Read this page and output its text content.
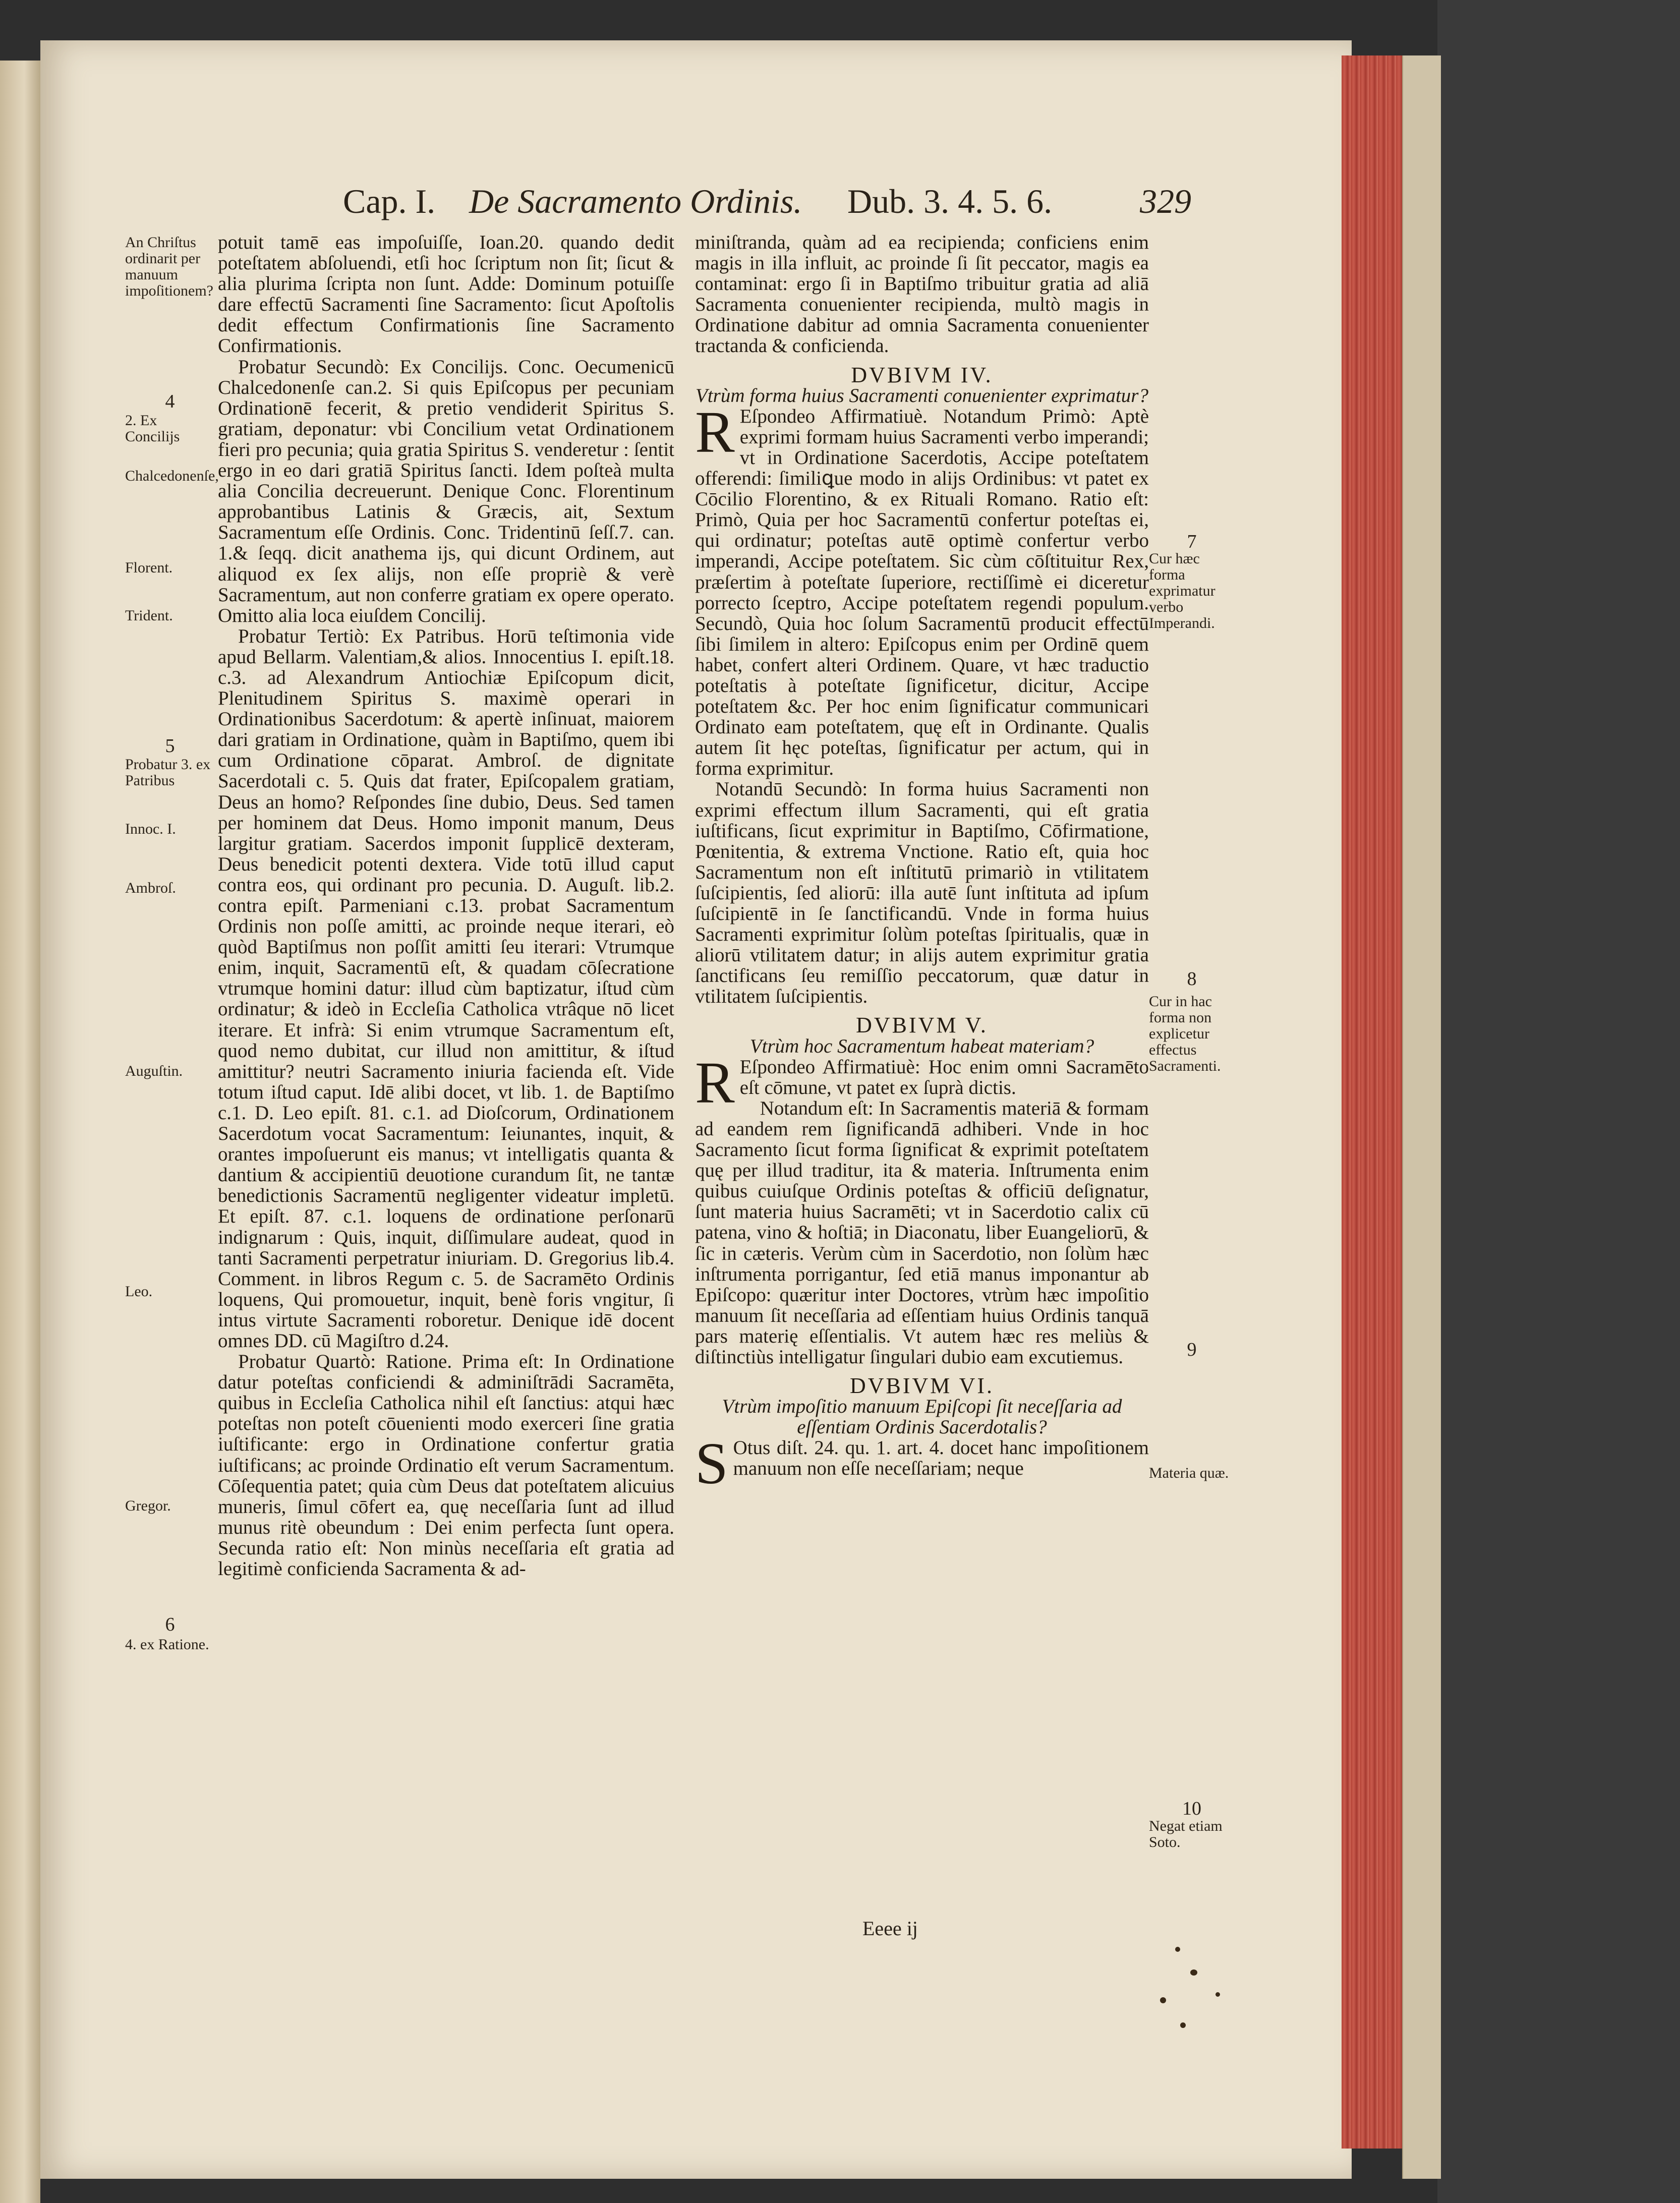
Cap. I. De Sacramento Ordinis. Dub. 3. 4. 5. 6.	329

potuit tamē eas impoſuiſſe, Ioan.20. quando dedit poteſtatem abſoluendi, etſi hoc ſcriptum non ſit; ſicut & alia plurima ſcripta non ſunt. Adde: Dominum potuiſſe dare effectū Sacramenti ſine Sacramento: ſicut Apoſtolis dedit effectum Confirmationis ſine Sacramento Confirmationis.

Probatur Secundò: Ex Concilijs. Conc. Oecumenicū Chalcedonenſe can.2. Si quis Epiſcopus per pecuniam Ordinationē fecerit, & pretio vendiderit Spiritus S. gratiam, deponatur: vbi Concilium vetat Ordinationem fieri pro pecunia; quia gratia Spiritus S. venderetur : ſentit ergo in eo dari gratiā Spiritus ſancti. Idem poſteà multa alia Concilia decreuerunt. Denique Conc. Florentinum approbantibus Latinis & Græcis, ait, Sextum Sacramentum eſſe Ordinis. Conc. Tridentinū ſeſſ.7. can. 1.& ſeqq. dicit anathema ijs, qui dicunt Ordinem, aut aliquod ex ſex alijs, non eſſe propriè & verè Sacramentum, aut non conferre gratiam ex opere operato. Omitto alia loca eiuſdem Concilij.

Probatur Tertiò: Ex Patribus. Horū teſtimonia vide apud Bellarm. Valentiam,& alios. Innocentius I. epiſt.18. c.3. ad Alexandrum Antiochiæ Epiſcopum dicit, Plenitudinem Spiritus S. maximè operari in Ordinationibus Sacerdotum: & apertè inſinuat, maiorem dari gratiam in Ordinatione, quàm in Baptiſmo, quem ibi cum Ordinatione cōparat. Ambroſ. de dignitate Sacerdotali c. 5. Quis dat frater, Epiſcopalem gratiam, Deus an homo? Reſpondes ſine dubio, Deus. Sed tamen per hominem dat Deus. Homo imponit manum, Deus largitur gratiam. Sacerdos imponit ſupplicē dexteram, Deus benedicit potenti dextera. Vide totū illud caput contra eos, qui ordinant pro pecunia. D. Auguſt. lib.2. contra epiſt. Parmeniani c.13. probat Sacramentum Ordinis non poſſe amitti, ac proinde neque iterari, eò quòd Baptiſmus non poſſit amitti ſeu iterari: Vtrumque enim, inquit, Sacramentū eſt, & quadam cōſecratione vtrumque homini datur: illud cùm baptizatur, iſtud cùm ordinatur; & ideò in Eccleſia Catholica vtrâque nō licet iterare. Et infrà: Si enim vtrumque Sacramentum eſt, quod nemo dubitat, cur illud non amittitur, & iſtud amittitur? neutri Sacramento iniuria facienda eſt. Vide totum iſtud caput. Idē alibi docet, vt lib. 1. de Baptiſmo c.1. D. Leo epiſt. 81. c.1. ad Dioſcorum, Ordinationem Sacerdotum vocat Sacramentum: Ieiunantes, inquit, & orantes impoſuerunt eis manus; vt intelligatis quanta & dantium & accipientiū deuotione curandum ſit, ne tantæ benedictionis Sacramentū negligenter videatur impletū. Et epiſt. 87. c.1. loquens de ordinatione perſonarū indignarum : Quis, inquit, diſſimulare audeat, quod in tanti Sacramenti perpetratur iniuriam. D. Gregorius lib.4. Comment. in libros Regum c. 5. de Sacramēto Ordinis loquens, Qui promouetur, inquit, benè foris vngitur, ſi intus virtute Sacramenti roboretur. Denique idē docent omnes DD. cū Magiſtro d.24.

Probatur Quartò: Ratione. Prima eſt: In Ordinatione datur poteſtas conficiendi & adminiſtrādi Sacramēta, quibus in Eccleſia Catholica nihil eſt ſanctius: atqui hæc poteſtas non poteſt cōuenienti modo exerceri ſine gratia iuſtificante: ergo in Ordinatione confertur gratia iuſtificans; ac proinde Ordinatio eſt verum Sacramentum. Cōſequentia patet; quia cùm Deus dat poteſtatem alicuius muneris, ſimul cōfert ea, quę neceſſaria ſunt ad illud munus ritè obeundum : Dei enim perfecta ſunt opera. Secunda ratio eſt: Non minùs neceſſaria eſt gratia ad legitimè conficienda Sacramenta & ad-

miniſtranda, quàm ad ea recipienda; conficiens enim magis in illa influit, ac proinde ſi ſit peccator, magis ea contaminat: ergo ſi in Baptiſmo tribuitur gratia ad aliā Sacramenta conuenienter recipienda, multò magis in Ordinatione dabitur ad omnia Sacramenta conuenienter tractanda & conficienda.

DVBIVM IV.

Vtrùm forma huius Sacramenti conuenienter exprimatur?

R Eſpondeo Affirmatiuè. Notandum Primò: Aptè exprimi formam huius Sacramenti verbo imperandi; vt in Ordinatione Sacerdotis, Accipe poteſtatem offerendi: ſimiliꝗue modo in alijs Ordinibus: vt patet ex Cōcilio Florentino, & ex Rituali Romano. Ratio eſt: Primò, Quia per hoc Sacramentū confertur poteſtas ei, qui ordinatur; poteſtas autē optimè confertur verbo imperandi, Accipe poteſtatem. Sic cùm cōſtituitur Rex, præſertim à poteſtate ſuperiore, rectiſſimè ei diceretur porrecto ſceptro, Accipe poteſtatem regendi populum. Secundò, Quia hoc ſolum Sacramentū producit effectū ſibi ſimilem in altero: Epiſcopus enim per Ordinē quem habet, confert alteri Ordinem. Quare, vt hæc traductio poteſtatis à poteſtate ſignificetur, dicitur, Accipe poteſtatem &c. Per hoc enim ſignificatur communicari Ordinato eam poteſtatem, quę eſt in Ordinante. Qualis autem ſit hęc poteſtas, ſignificatur per actum, qui in forma exprimitur.

Notandū Secundò: In forma huius Sacramenti non exprimi effectum illum Sacramenti, qui eſt gratia iuſtificans, ſicut exprimitur in Baptiſmo, Cōfirmatione, Pœnitentia, & extrema Vnctione. Ratio eſt, quia hoc Sacramentum non eſt inſtitutū primariò in vtilitatem ſuſcipientis, ſed aliorū: illa autē ſunt inſtituta ad ipſum ſuſcipientē in ſe ſanctificandū. Vnde in forma huius Sacramenti exprimitur ſolùm poteſtas ſpiritualis, quæ in aliorū vtilitatem datur; in alijs autem exprimitur gratia ſanctificans ſeu remiſſio peccatorum, quæ datur in vtilitatem ſuſcipientis.

DVBIVM V.

Vtrùm hoc Sacramentum habeat materiam?

R Eſpondeo Affirmatiuè: Hoc enim omni Sacramēto eſt cōmune, vt patet ex ſuprà dictis.

Notandum eſt: In Sacramentis materiā & formam ad eandem rem ſignificandā adhiberi. Vnde in hoc Sacramento ſicut forma ſignificat & exprimit poteſtatem quę per illud traditur, ita & materia. Inſtrumenta enim quibus cuiuſque Ordinis poteſtas & officiū deſignatur, ſunt materia huius Sacramēti; vt in Sacerdotio calix cū patena, vino & hoſtiā; in Diaconatu, liber Euangeliorū, & ſic in cæteris. Verùm cùm in Sacerdotio, non ſolùm hæc inſtrumenta porrigantur, ſed etiā manus imponantur ab Epiſcopo: quæritur inter Doctores, vtrùm hæc impoſitio manuum ſit neceſſaria ad eſſentiam huius Ordinis tanquā pars materię eſſentialis. Vt autem hæc res meliùs & diſtinctiùs intelligatur ſingulari dubio eam excutiemus.

DVBIVM VI.

Vtrùm impoſitio manuum Epiſcopi ſit neceſſaria ad eſſentiam Ordinis Sacerdotalis?

S Otus diſt. 24. qu. 1. art. 4. docet hanc impoſitionem manuum non eſſe neceſſariam; neque

Eeee ij
An Chriſtus ordinarit per manuum impoſitionem?
4
2. Ex Concilijs
Chalcedonenſe,
Florent.
Trident.
5
Probatur 3. ex Patribus
Innoc. I.
Ambroſ.
Auguſtin.
Leo.
Gregor.
6
4. ex Ratione.
7
Cur hæc forma exprimatur verbo Imperandi.
8
Cur in hac forma non explicetur effectus Sacramenti.
9
Materia quæ.
10
Negat etiam Soto.
